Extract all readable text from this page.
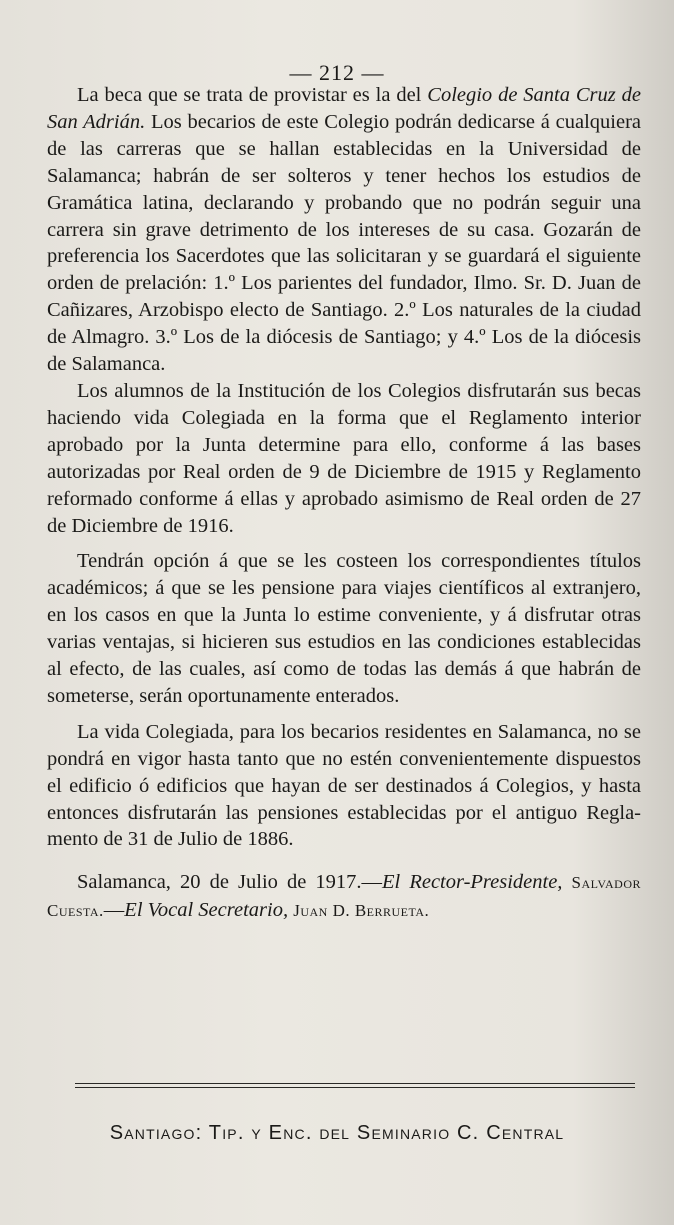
— 212 —

La beca que se trata de provistar es la del Colegio de Santa Cruz de San Adrián. Los becarios de este Colegio podrán dedicarse á cualquiera de las carreras que se hallan establecidas en la Universidad de Salamanca; habrán de ser solteros y tener hechos los estudios de Gramática latina, declarando y probando que no podrán seguir una carrera sin grave detrimento de los intereses de su casa. Gozarán de preferencia los Sacerdotes que las solicitaran y se guardará el siguiente orden de prelación: 1.º Los parientes del fundador, Ilmo. Sr. D. Juan de Cañizares, Arzobispo electo de Santiago. 2.º Los naturales de la ciudad de Almagro. 3.º Los de la diócesis de Santiago; y 4.º Los de la diócesis de Salamanca.

Los alumnos de la Institución de los Colegios disfrutarán sus becas haciendo vida Colegiada en la forma que el Reglamento interior aprobado por la Junta determine para ello, conforme á las bases autorizadas por Real orden de 9 de Diciembre de 1915 y Reglamento reformado conforme á ellas y aprobado asimismo de Real orden de 27 de Diciembre de 1916.

Tendrán opción á que se les costeen los correspondientes títulos académicos; á que se les pensione para viajes científicos al extranjero, en los casos en que la Junta lo estime conveniente, y á disfrutar otras varias ventajas, si hicieren sus estudios en las condiciones establecidas al efecto, de las cuales, así como de todas las demás á que habrán de someterse, serán oportunamente enterados.

La vida Colegiada, para los becarios residentes en Salamanca, no se pondrá en vigor hasta tanto que no estén convenientemente dispuestos el edificio ó edificios que hayan de ser destinados á Colegios, y hasta entonces disfrutarán las pensiones establecidas por el antiguo Reglamento de 31 de Julio de 1886.

Salamanca, 20 de Julio de 1917.—El Rector-Presidente, Salvador Cuesta.—El Vocal Secretario, Juan D. Berrueta.

Santiago: Tip. y Enc. del Seminario C. Central
